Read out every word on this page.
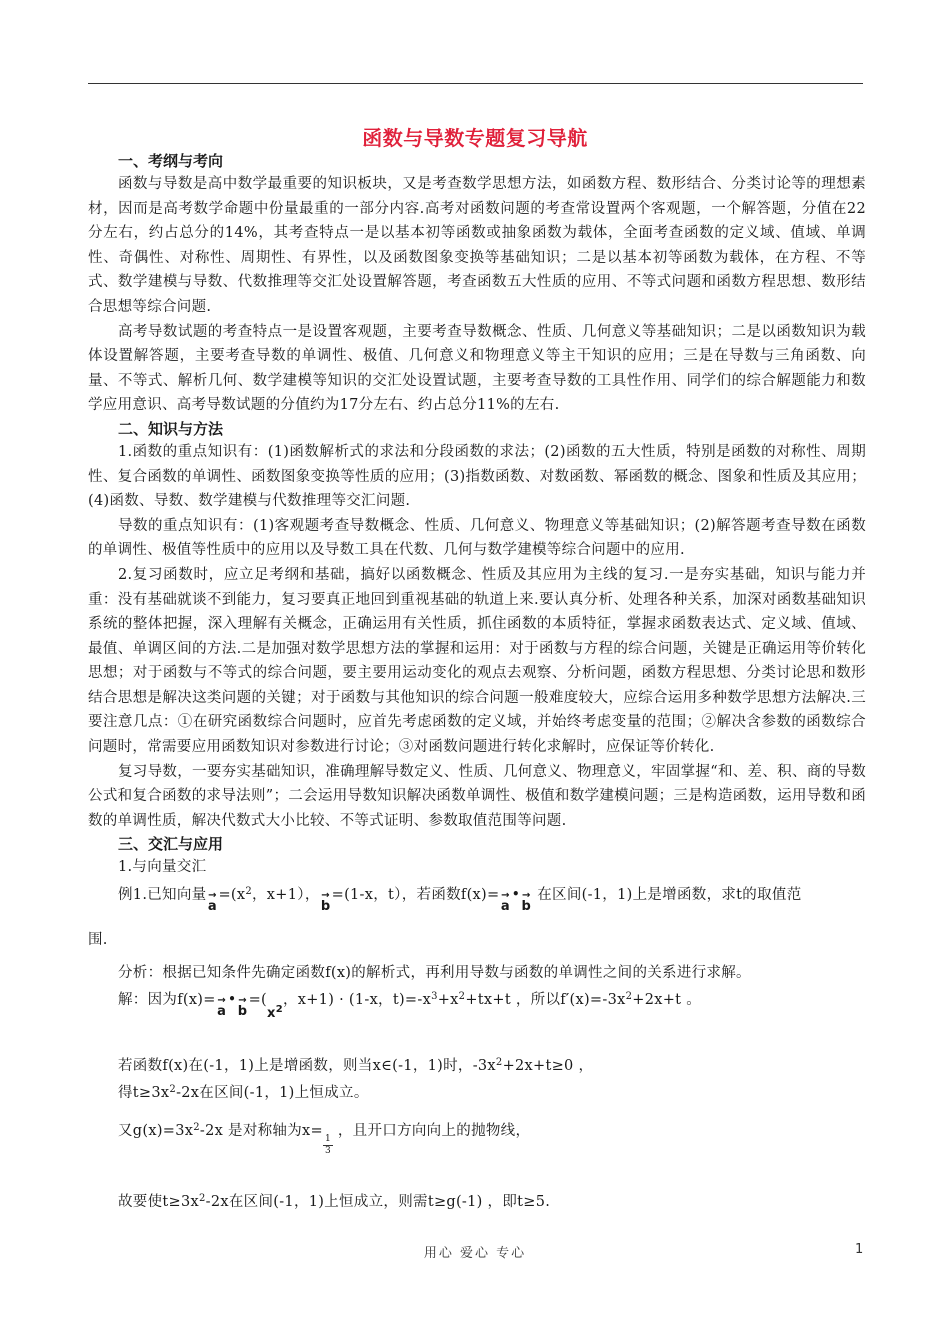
函数与导数专题复习导航

一、考纲与考向

函数与导数是高中数学最重要的知识板块，又是考查数学思想方法，如函数方程、数形结合、分类讨论等的理想素材，因而是高考数学命题中份量最重的一部分内容.高考对函数问题的考查常设置两个客观题，一个解答题，分值在22分左右，约占总分的14%，其考查特点一是以基本初等函数或抽象函数为载体，全面考查函数的定义域、值域、单调性、奇偶性、对称性、周期性、有界性，以及函数图象变换等基础知识；二是以基本初等函数为载体，在方程、不等式、数学建模与导数、代数推理等交汇处设置解答题，考查函数五大性质的应用、不等式问题和函数方程思想、数形结合思想等综合问题.

高考导数试题的考查特点一是设置客观题，主要考查导数概念、性质、几何意义等基础知识；二是以函数知识为载体设置解答题，主要考查导数的单调性、极值、几何意义和物理意义等主干知识的应用；三是在导数与三角函数、向量、不等式、解析几何、数学建模等知识的交汇处设置试题，主要考查导数的工具性作用、同学们的综合解题能力和数学应用意识、高考导数试题的分值约为17分左右、约占总分11%的左右.

二、知识与方法

1.函数的重点知识有：(1)函数解析式的求法和分段函数的求法；(2)函数的五大性质，特别是函数的对称性、周期性、复合函数的单调性、函数图象变换等性质的应用；(3)指数函数、对数函数、幂函数的概念、图象和性质及其应用；(4)函数、导数、数学建模与代数推理等交汇问题.

导数的重点知识有：(1)客观题考查导数概念、性质、几何意义、物理意义等基础知识；(2)解答题考查导数在函数的单调性、极值等性质中的应用以及导数工具在代数、几何与数学建模等综合问题中的应用.

2.复习函数时，应立足考纲和基础，搞好以函数概念、性质及其应用为主线的复习.一是夯实基础，知识与能力并重：没有基础就谈不到能力，复习要真正地回到重视基础的轨道上来.要认真分析、处理各种关系，加深对函数基础知识系统的整体把握，深入理解有关概念，正确运用有关性质，抓住函数的本质特征，掌握求函数表达式、定义域、值域、最值、单调区间的方法.二是加强对数学思想方法的掌握和运用：对于函数与方程的综合问题，关键是正确运用等价转化思想；对于函数与不等式的综合问题，要主要用运动变化的观点去观察、分析问题，函数方程思想、分类讨论思和数形结合思想是解决这类问题的关键；对于函数与其他知识的综合问题一般难度较大，应综合运用多种数学思想方法解决.三要注意几点：①在研究函数综合问题时，应首先考虑函数的定义域，并始终考虑变量的范围；②解决含参数的函数综合问题时，常需要应用函数知识对参数进行讨论；③对函数问题进行转化求解时，应保证等价转化.

复习导数，一要夯实基础知识，准确理解导数定义、性质、几何意义、物理意义，牢固掌握“和、差、积、商的导数公式和复合函数的求导法则”；二会运用导数知识解决函数单调性、极值和数学建模问题；三是构造函数，运用导数和函数的单调性质，解决代数式大小比较、不等式证明、参数取值范围等问题.

三、交汇与应用

1.与向量交汇

例1.已知向量 →
$a=(x^2$，x+1）， →
b=(1-x，t），若函数f(x)= →
a• →
b 在区间(-1，1)上是增函数，求t的取值范

围.

分析：根据已知条件先确定函数f(x)的解析式，再利用导数与函数的单调性之间的关系进行求解。

解：因为f(x)= →
a• →
$b=(x^2$，x+1) · (1-x，$t)=-x^3+x^2+tx+t$ ，所以$f'(x)=-3x^2+2x+t$ 。

若函数f(x)在(-1，1)上是增函数，则当x∈(-1，1)时，$-3x^2+2x+t\ge 0$ ，

得$t\ge 3x^2-2x$在区间(-1，1)上恒成立。

又$g(x)=3x^2-2x$ 是对称轴为$x=\frac{1}{3}$
，且开口方向向上的抛物线，

故要使$t\ge 3x^2-2x$在区间(-1，1)上恒成立，则需t≥g(-1) ，即t≥5.

用心 爱心 专心	1
